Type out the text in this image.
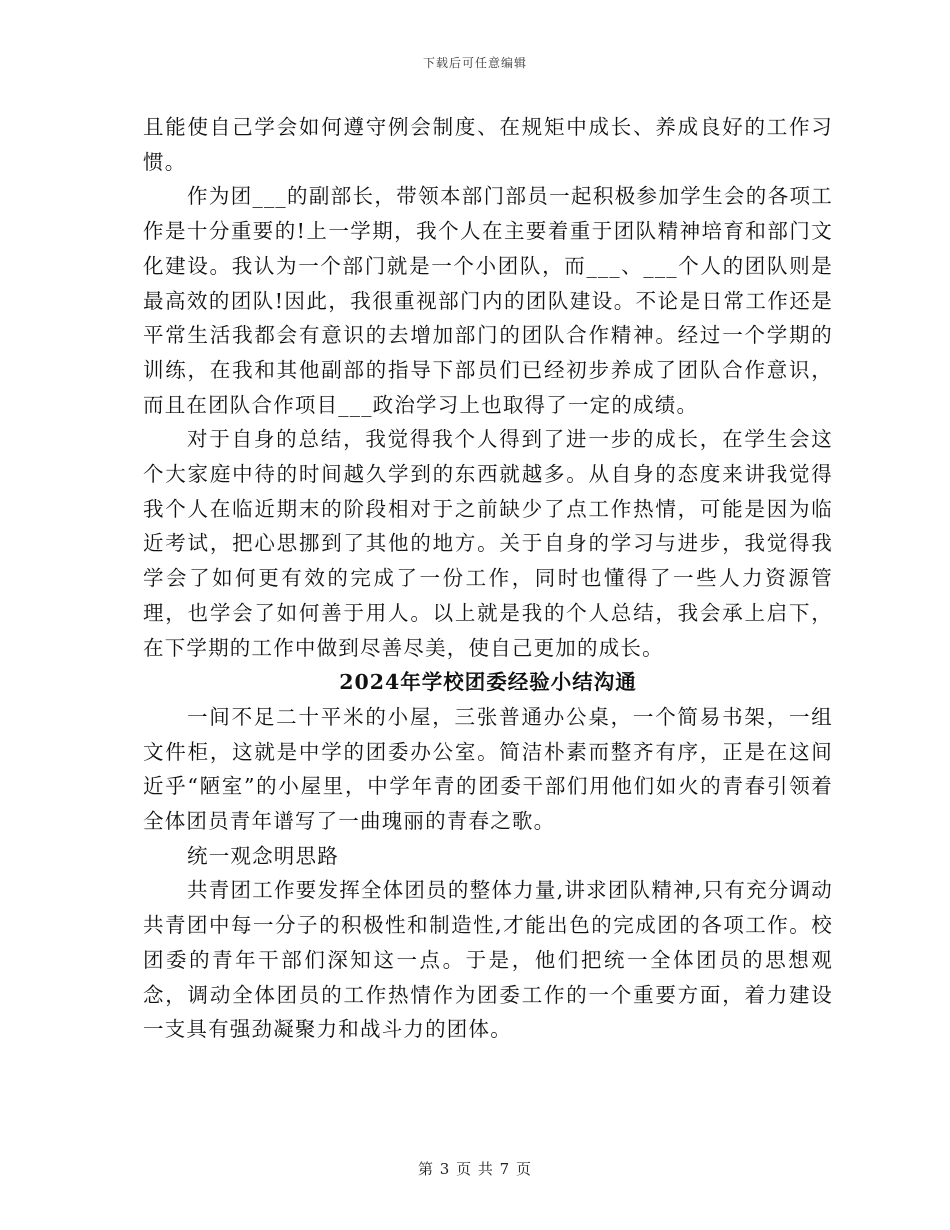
下载后可任意编辑

且能使自己学会如何遵守例会制度、在规矩中成长、养成良好的工作习惯。

作为团___的副部长，带领本部门部员一起积极参加学生会的各项工作是十分重要的!上一学期，我个人在主要着重于团队精神培育和部门文化建设。我认为一个部门就是一个小团队，而___、___个人的团队则是最高效的团队!因此，我很重视部门内的团队建设。不论是日常工作还是平常生活我都会有意识的去增加部门的团队合作精神。经过一个学期的训练，在我和其他副部的指导下部员们已经初步养成了团队合作意识，而且在团队合作项目___政治学习上也取得了一定的成绩。

对于自身的总结，我觉得我个人得到了进一步的成长，在学生会这个大家庭中待的时间越久学到的东西就越多。从自身的态度来讲我觉得我个人在临近期末的阶段相对于之前缺少了点工作热情，可能是因为临近考试，把心思挪到了其他的地方。关于自身的学习与进步，我觉得我学会了如何更有效的完成了一份工作，同时也懂得了一些人力资源管理，也学会了如何善于用人。以上就是我的个人总结，我会承上启下，在下学期的工作中做到尽善尽美，使自己更加的成长。

2024年学校团委经验小结沟通

一间不足二十平米的小屋，三张普通办公桌，一个简易书架，一组文件柜，这就是中学的团委办公室。简洁朴素而整齐有序，正是在这间近乎“陋室”的小屋里，中学年青的团委干部们用他们如火的青春引领着全体团员青年谱写了一曲瑰丽的青春之歌。

统一观念明思路

共青团工作要发挥全体团员的整体力量,讲求团队精神,只有充分调动共青团中每一分子的积极性和制造性,才能出色的完成团的各项工作。校团委的青年干部们深知这一点。于是，他们把统一全体团员的思想观念，调动全体团员的工作热情作为团委工作的一个重要方面，着力建设一支具有强劲凝聚力和战斗力的团体。

第 3 页 共 7 页
